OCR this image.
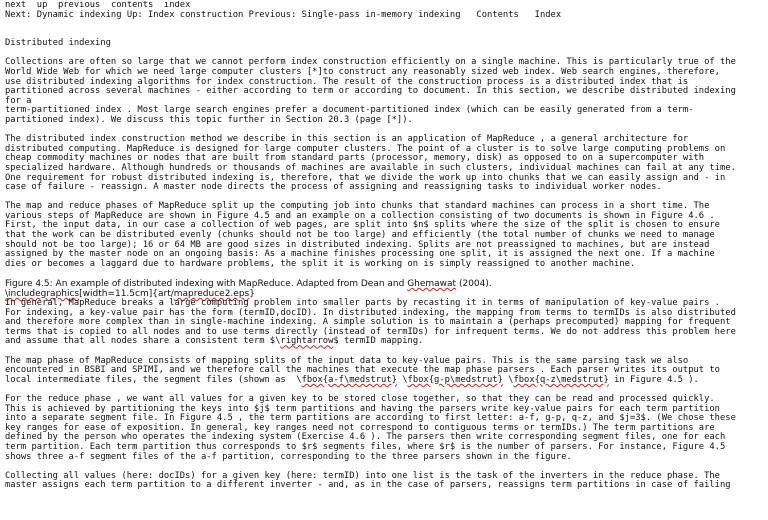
next up previous contents index
Next: Dynamic indexing Up: Index construction Previous: Single-pass in-memory indexing Contents Index
Distributed indexing
Collections are often so large that we cannot perform index construction efficiently on a single machine. This is particularly true of the
World Wide Web for which we need large computer clusters [*]to construct any reasonably sized web index. Web search engines, therefore,
use distributed indexing algorithms for index construction. The result of the construction process is a distributed index that is
partitioned across several machines - either according to term or according to document. In this section, we describe distributed indexing
for a
term-partitioned index . Most large search engines prefer a document-partitioned index (which can be easily generated from a term-
partitioned index). We discuss this topic further in Section 20.3 (page [*]).
The distributed index construction method we describe in this section is an application of MapReduce , a general architecture for
distributed computing. MapReduce is designed for large computer clusters. The point of a cluster is to solve large computing problems on
cheap commodity machines or nodes that are built from standard parts (processor, memory, disk) as opposed to on a supercomputer with
specialized hardware. Although hundreds or thousands of machines are available in such clusters, individual machines can fail at any time.
One requirement for robust distributed indexing is, therefore, that we divide the work up into chunks that we can easily assign and - in
case of failure - reassign. A master node directs the process of assigning and reassigning tasks to individual worker nodes.
The map and reduce phases of MapReduce split up the computing job into chunks that standard machines can process in a short time. The
various steps of MapReduce are shown in Figure 4.5 and an example on a collection consisting of two documents is shown in Figure 4.6 .
First, the input data, in our case a collection of web pages, are split into $n$ splits where the size of the split is chosen to ensure
that the work can be distributed evenly (chunks should not be too large) and efficiently (the total number of chunks we need to manage
should not be too large); 16 or 64 MB are good sizes in distributed indexing. Splits are not preassigned to machines, but are instead
assigned by the master node on an ongoing basis: As a machine finishes processing one split, it is assigned the next one. If a machine
dies or becomes a laggard due to hardware problems, the split it is working on is simply reassigned to another machine.
Figure 4.5: An example of distributed indexing with MapReduce. Adapted from Dean and Ghemawat (2004).
\includegraphics[width=11.5cm]{art/mapreduce2.eps}
In general, MapReduce breaks a large computing problem into smaller parts by recasting it in terms of manipulation of key-value pairs .
For indexing, a key-value pair has the form (termID,docID). In distributed indexing, the mapping from terms to termIDs is also distributed
and therefore more complex than in single-machine indexing. A simple solution is to maintain a (perhaps precomputed) mapping for frequent
terms that is copied to all nodes and to use terms directly (instead of termIDs) for infrequent terms. We do not address this problem here
and assume that all nodes share a consistent term $\rightarrow$ termID mapping.
The map phase of MapReduce consists of mapping splits of the input data to key-value pairs. This is the same parsing task we also
encountered in BSBI and SPIMI, and we therefore call the machines that execute the map phase parsers . Each parser writes its output to
local intermediate files, the segment files (shown as  \fbox{a-f\medstrut} \fbox{g-p\medstrut} \fbox{q-z\medstrut} in Figure 4.5 ).
For the reduce phase , we want all values for a given key to be stored close together, so that they can be read and processed quickly.
This is achieved by partitioning the keys into $j$ term partitions and having the parsers write key-value pairs for each term partition
into a separate segment file. In Figure 4.5 , the term partitions are according to first letter: a-f, g-p, q-z, and $j=3$. (We chose these
key ranges for ease of exposition. In general, key ranges need not correspond to contiguous terms or termIDs.) The term partitions are
defined by the person who operates the indexing system (Exercise 4.6 ). The parsers then write corresponding segment files, one for each
term partition. Each term partition thus corresponds to $r$ segments files, where $r$ is the number of parsers. For instance, Figure 4.5
shows three a-f segment files of the a-f partition, corresponding to the three parsers shown in the figure.
Collecting all values (here: docIDs) for a given key (here: termID) into one list is the task of the inverters in the reduce phase. The
master assigns each term partition to a different inverter - and, as in the case of parsers, reassigns term partitions in case of failing
